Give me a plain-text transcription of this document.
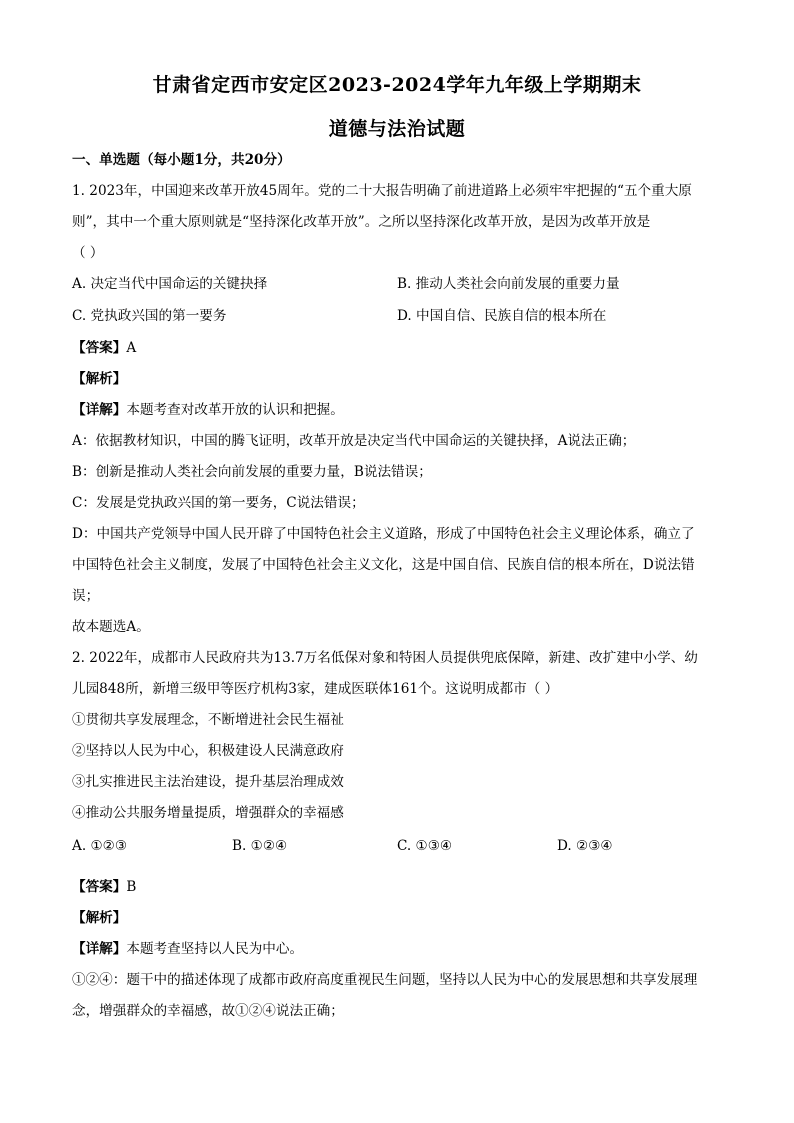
甘肃省定西市安定区2023-2024学年九年级上学期期末
道德与法治试题
一、单选题（每小题1分，共20分）
1. 2023年，中国迎来改革开放45周年。党的二十大报告明确了前进道路上必须牢牢把握的“五个重大原
则”，其中一个重大原则就是“坚持深化改革开放”。之所以坚持深化改革开放，是因为改革开放是
（ ）
A. 决定当代中国命运的关键抉择	B. 推动人类社会向前发展的重要力量
C. 党执政兴国的第一要务	D. 中国自信、民族自信的根本所在
【答案】A
【解析】
【详解】本题考查对改革开放的认识和把握。
A：依据教材知识，中国的腾飞证明，改革开放是决定当代中国命运的关键抉择，A说法正确；
B：创新是推动人类社会向前发展的重要力量，B说法错误；
C：发展是党执政兴国的第一要务，C说法错误；
D：中国共产党领导中国人民开辟了中国特色社会主义道路，形成了中国特色社会主义理论体系，确立了
中国特色社会主义制度，发展了中国特色社会主义文化，这是中国自信、民族自信的根本所在，D说法错
误；
故本题选A。
2. 2022年，成都市人民政府共为13.7万名低保对象和特困人员提供兜底保障，新建、改扩建中小学、幼
儿园848所，新增三级甲等医疗机构3家，建成医联体161个。这说明成都市（ ）
①贯彻共享发展理念，不断增进社会民生福祉
②坚持以人民为中心，积极建设人民满意政府
③扎实推进民主法治建设，提升基层治理成效
④推动公共服务增量提质，增强群众的幸福感
A. ①②③	B. ①②④	C. ①③④	D. ②③④
【答案】B
【解析】
【详解】本题考查坚持以人民为中心。
①②④：题干中的描述体现了成都市政府高度重视民生问题，坚持以人民为中心的发展思想和共享发展理
念，增强群众的幸福感，故①②④说法正确；
